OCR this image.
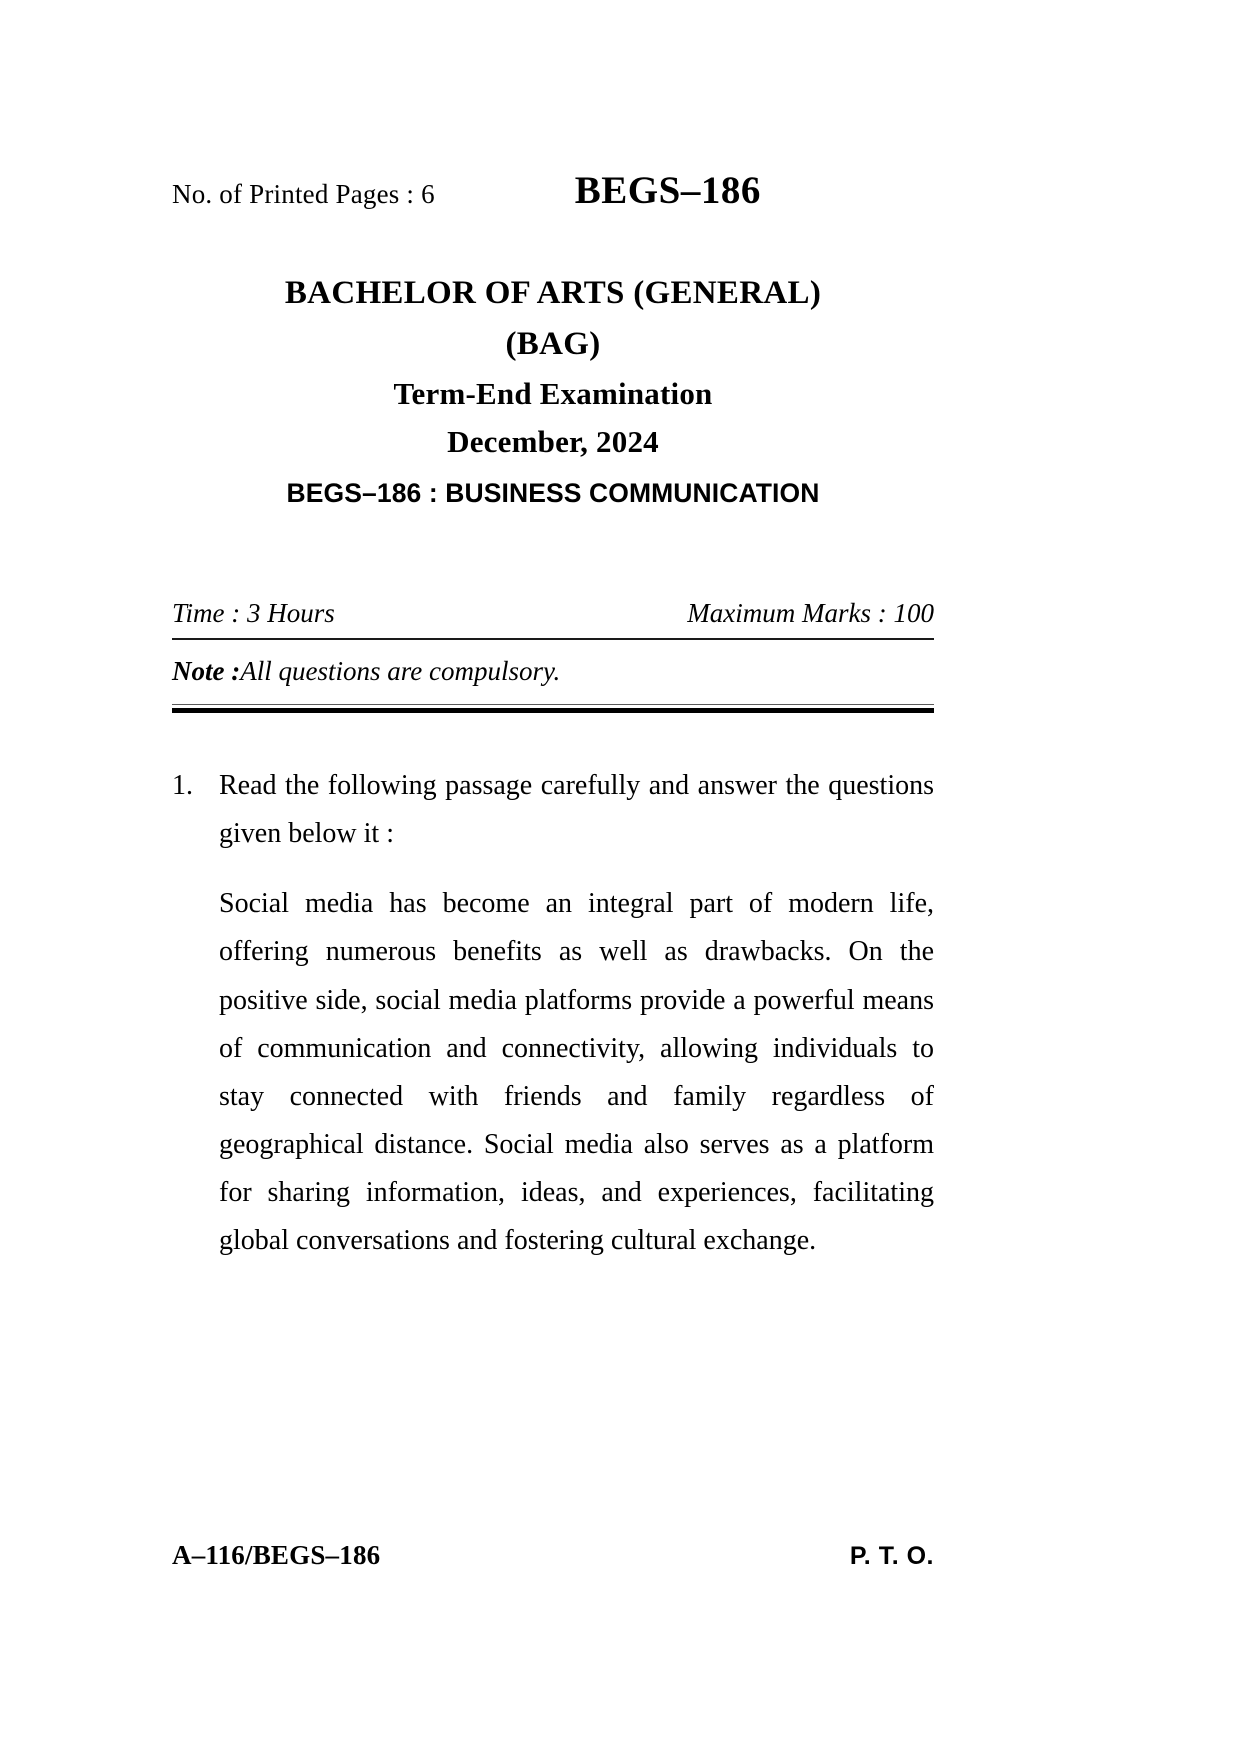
No. of Printed Pages : 6	BEGS–186
BACHELOR OF ARTS (GENERAL)
(BAG)
Term-End Examination
December, 2024
BEGS–186 : BUSINESS COMMUNICATION
Time : 3 Hours	Maximum Marks : 100
Note :All questions are compulsory.
1. Read the following passage carefully and answer the questions given below it :
Social media has become an integral part of modern life, offering numerous benefits as well as drawbacks. On the positive side, social media platforms provide a powerful means of communication and connectivity, allowing individuals to stay connected with friends and family regardless of geographical distance. Social media also serves as a platform for sharing information, ideas, and experiences, facilitating global conversations and fostering cultural exchange.
A–116/BEGS–186	P. T. O.
